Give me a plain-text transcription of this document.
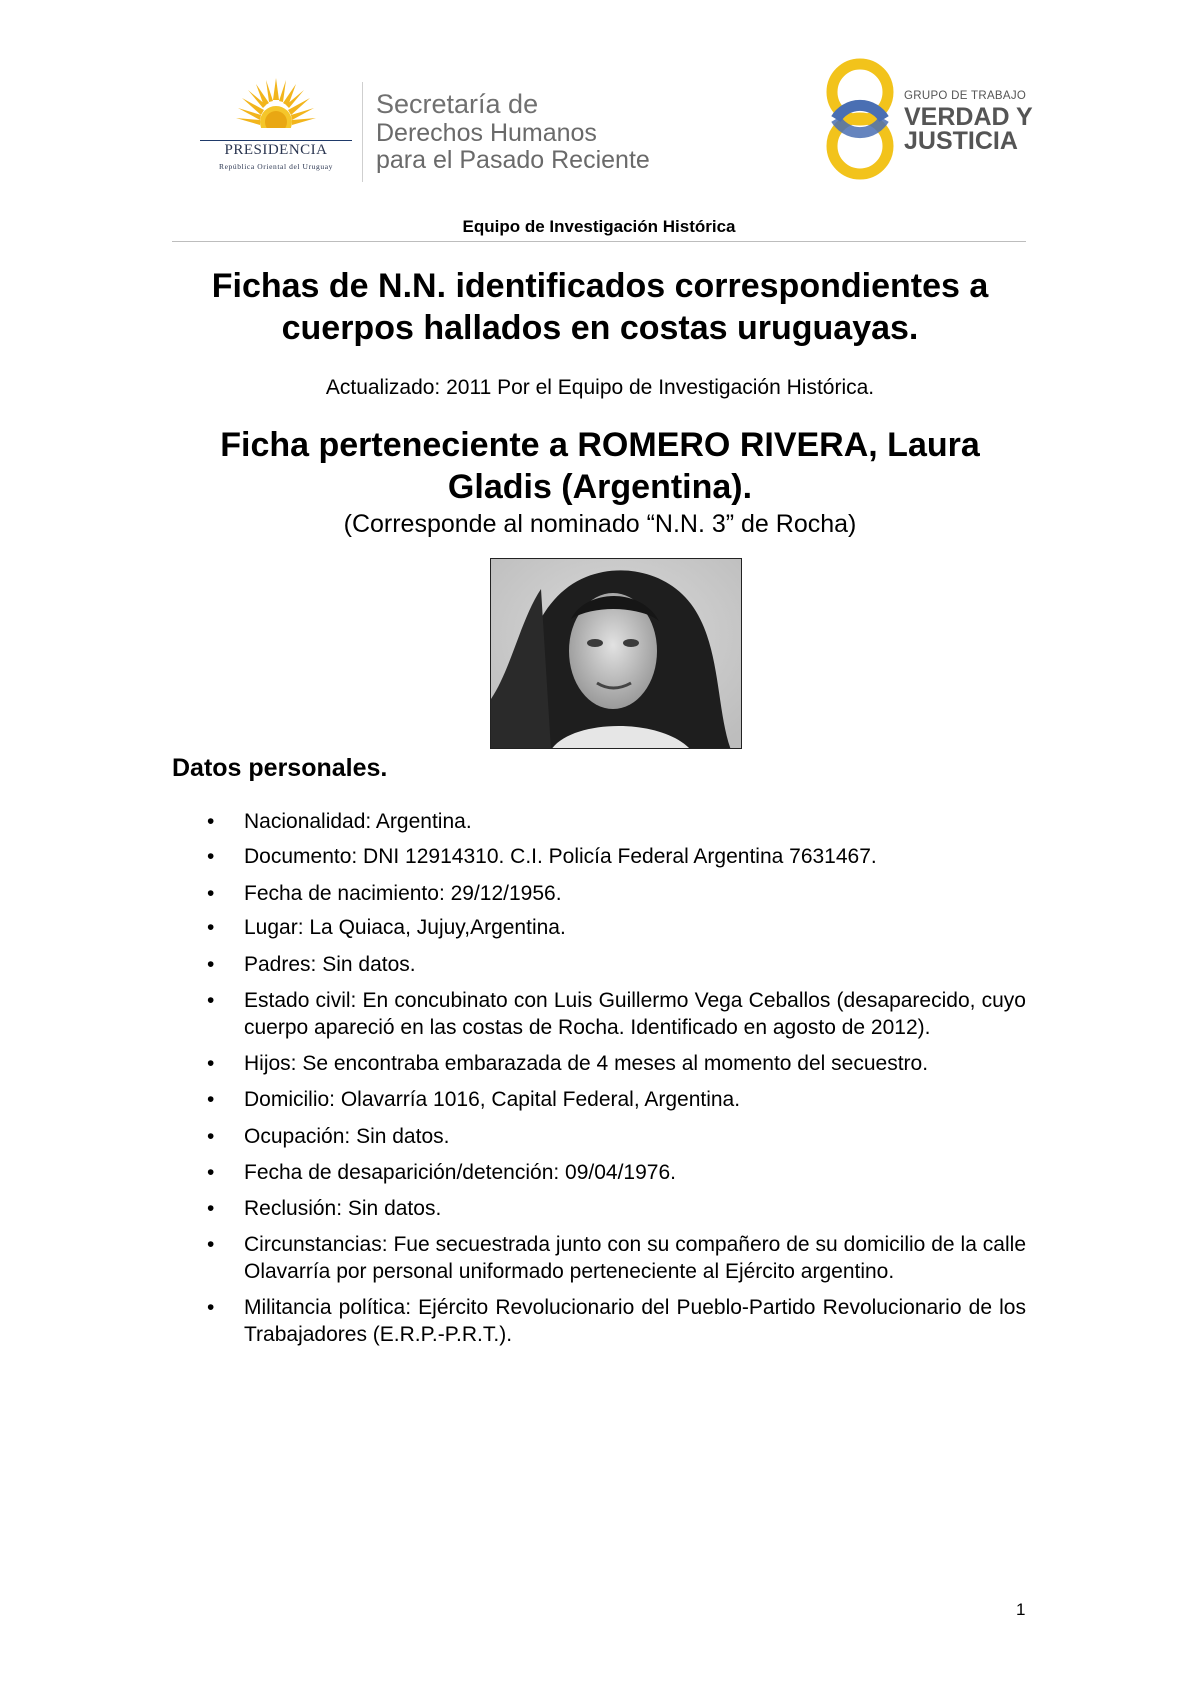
PRESIDENCIA
República Oriental del Uruguay
Secretaría de
Derechos Humanos
para el Pasado Reciente
GRUPO DE TRABAJO
VERDAD Y
JUSTICIA
Equipo de Investigación Histórica
Fichas de N.N. identificados correspondientes a
cuerpos hallados en costas uruguayas.
Actualizado: 2011 Por el Equipo de Investigación Histórica.
Ficha perteneciente a ROMERO RIVERA, Laura
Gladis (Argentina).
(Corresponde al nominado “N.N. 3” de Rocha)
Datos personales.
• Nacionalidad: Argentina.
• Documento: DNI 12914310. C.I. Policía Federal Argentina 7631467.
• Fecha de nacimiento: 29/12/1956.
• Lugar: La Quiaca, Jujuy,Argentina.
• Padres: Sin datos.
• Estado civil: En concubinato con Luis Guillermo Vega Ceballos (desaparecido, cuyo cuerpo apareció en las costas de Rocha. Identificado en agosto de 2012).
• Hijos: Se encontraba embarazada de 4 meses al momento del secuestro.
• Domicilio: Olavarría 1016, Capital Federal, Argentina.
• Ocupación: Sin datos.
• Fecha de desaparición/detención: 09/04/1976.
• Reclusión: Sin datos.
• Circunstancias: Fue secuestrada junto con su compañero de su domicilio de la calle Olavarría por personal uniformado perteneciente al Ejército argentino.
• Militancia política: Ejército Revolucionario del Pueblo-Partido Revolucionario de los Trabajadores (E.R.P.-P.R.T.).
1
